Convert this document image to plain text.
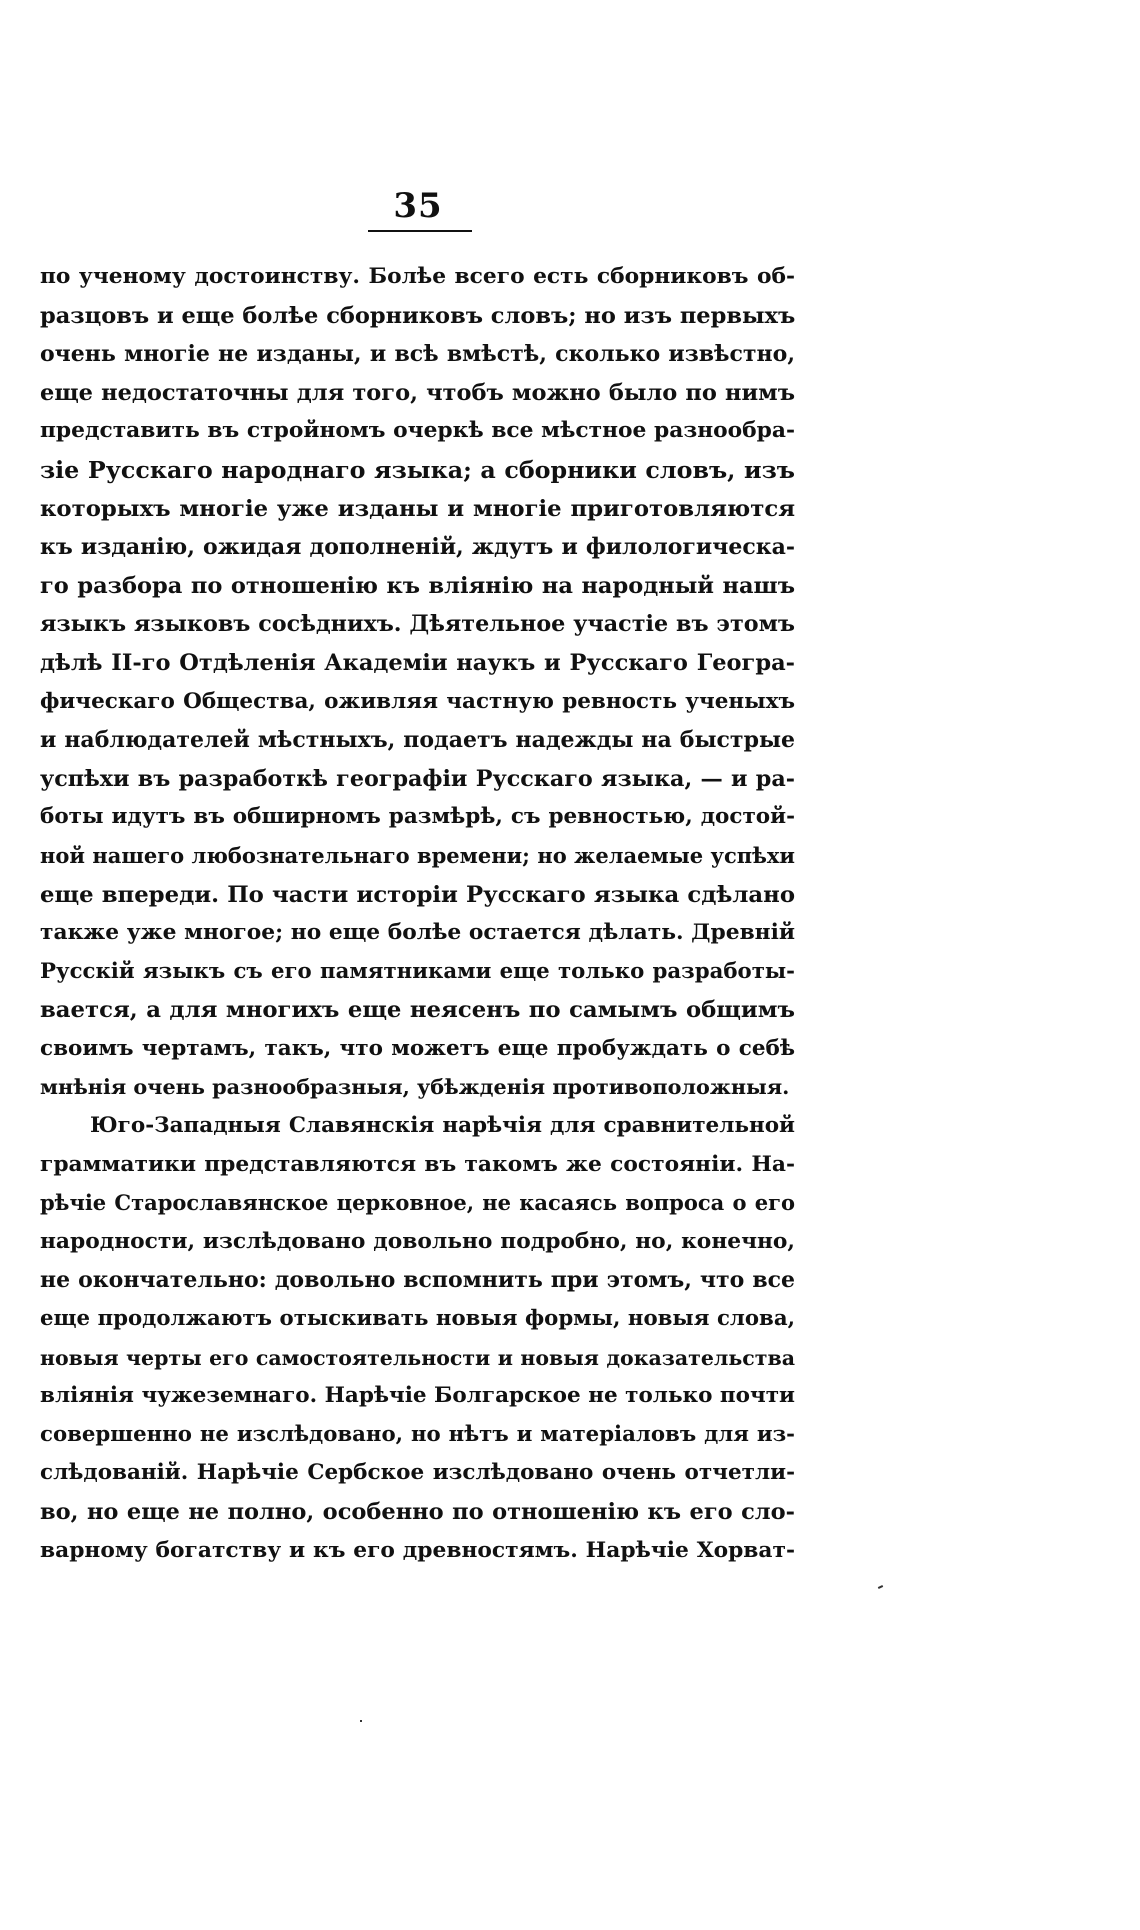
35
по ученому достоинству. Болѣе всего есть сборниковъ об-
разцовъ и еще болѣе сборниковъ словъ; но изъ первыхъ
очень многіе не изданы, и всѣ вмѣстѣ, сколько извѣстно,
еще недостаточны для того, чтобъ можно было по нимъ
представить въ стройномъ очеркѣ все мѣстное разнообра-
зіе Русскаго народнаго языка; а сборники словъ, изъ
которыхъ многіе уже изданы и многіе приготовляются
къ изданію, ожидая дополненій, ждутъ и филологическа-
го разбора по отношенію къ вліянію на народный нашъ
языкъ языковъ сосѣднихъ. Дѣятельное участіе въ этомъ
дѣлѣ II-го Отдѣленія Академіи наукъ и Русскаго Геогра-
фическаго Общества, оживляя частную ревность ученыхъ
и наблюдателей мѣстныхъ, подаетъ надежды на быстрые
успѣхи въ разработкѣ географіи Русскаго языка, — и ра-
боты идутъ въ обширномъ размѣрѣ, съ ревностью, достой-
ной нашего любознательнаго времени; но желаемые успѣхи
еще впереди. По части исторіи Русскаго языка сдѣлано
также уже многое; но еще болѣе остается дѣлать. Древній
Русскій языкъ съ его памятниками еще только разработы-
вается, а для многихъ еще неясенъ по самымъ общимъ
своимъ чертамъ, такъ, что можетъ еще пробуждать о себѣ
мнѣнія очень разнообразныя, убѣжденія противоположныя.
Юго-Западныя Славянскія нарѣчія для сравнительной
грамматики представляются въ такомъ же состояніи. На-
рѣчіе Старославянское церковное, не касаясь вопроса о его
народности, изслѣдовано довольно подробно, но, конечно,
не окончательно: довольно вспомнить при этомъ, что все
еще продолжаютъ отыскивать новыя формы, новыя слова,
новыя черты его самостоятельности и новыя доказательства
вліянія чужеземнаго. Нарѣчіе Болгарское не только почти
совершенно не изслѣдовано, но нѣтъ и матеріаловъ для из-
слѣдованій. Нарѣчіе Сербское изслѣдовано очень отчетли-
во, но еще не полно, особенно по отношенію къ его сло-
варному богатству и къ его древностямъ. Нарѣчіе Хорват-
